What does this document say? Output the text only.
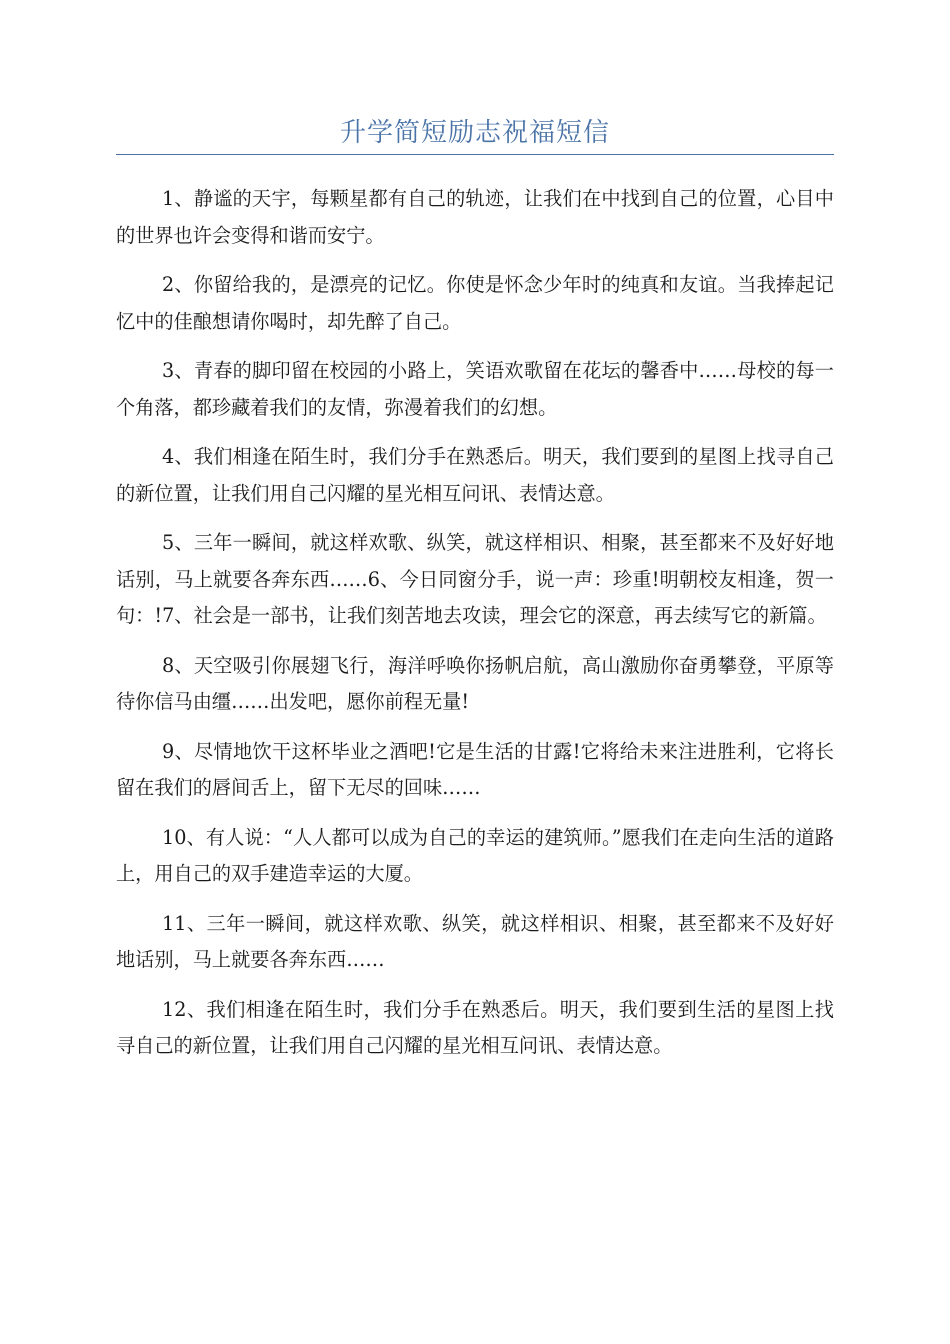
升学简短励志祝福短信

1、静谧的天宇，每颗星都有自己的轨迹，让我们在中找到自己的位置，心目中的世界也许会变得和谐而安宁。

2、你留给我的，是漂亮的记忆。你使是怀念少年时的纯真和友谊。当我捧起记忆中的佳酿想请你喝时，却先醉了自己。

3、青春的脚印留在校园的小路上，笑语欢歌留在花坛的馨香中……母校的每一个角落，都珍藏着我们的友情，弥漫着我们的幻想。

4、我们相逢在陌生时，我们分手在熟悉后。明天，我们要到的星图上找寻自己的新位置，让我们用自己闪耀的星光相互问讯、表情达意。

5、三年一瞬间，就这样欢歌、纵笑，就这样相识、相聚，甚至都来不及好好地话别，马上就要各奔东西……6、今日同窗分手，说一声：珍重!明朝校友相逢，贺一句：!7、社会是一部书，让我们刻苦地去攻读，理会它的深意，再去续写它的新篇。

8、天空吸引你展翅飞行，海洋呼唤你扬帆启航，高山激励你奋勇攀登，平原等待你信马由缰……出发吧，愿你前程无量!

9、尽情地饮干这杯毕业之酒吧!它是生活的甘露!它将给未来注进胜利，它将长留在我们的唇间舌上，留下无尽的回味……

10、有人说：“人人都可以成为自己的幸运的建筑师。”愿我们在走向生活的道路上，用自己的双手建造幸运的大厦。

11、三年一瞬间，就这样欢歌、纵笑，就这样相识、相聚，甚至都来不及好好地话别，马上就要各奔东西……

12、我们相逢在陌生时，我们分手在熟悉后。明天，我们要到生活的星图上找寻自己的新位置，让我们用自己闪耀的星光相互问讯、表情达意。
